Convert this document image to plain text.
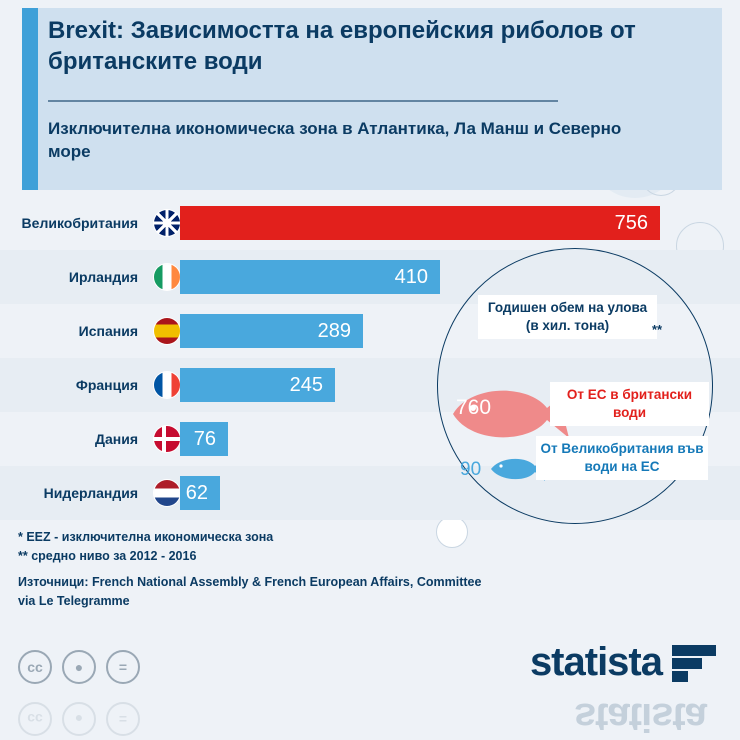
Brexit: Зависимостта на европейския риболов от британските води
Изключителна икономическа зона в Атлантика, Ла Манш и Северно море
Великобритания	756
Ирландия	410
Испания	289
Франция	245
Дания	76
Нидерландия 62
Годишен обем на улова (в хил. тона)	**
760
90
От ЕС в британски води
От Великобритания във води на ЕС
* EEZ - изключителна икономическа зона
** средно ниво за 2012 - 2016
Източници: French National Assembly & French European Affairs, Committee via Le Telegramme
cc	●	=
cc	●	=
statista
statista
